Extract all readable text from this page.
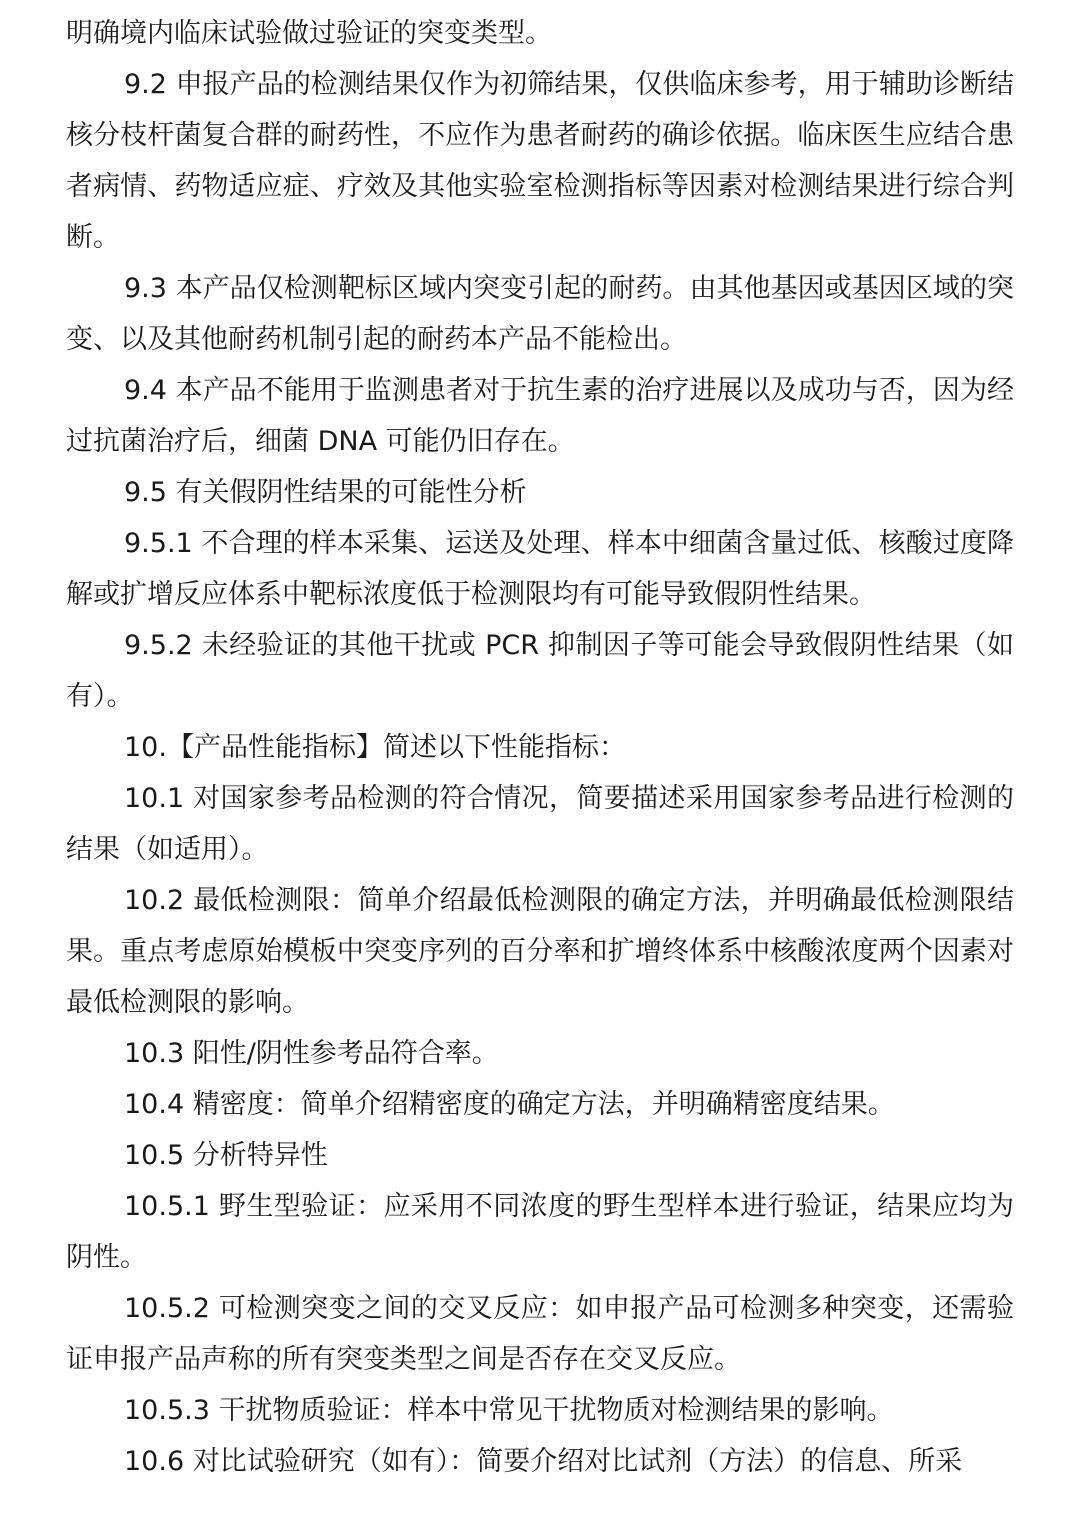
明确境内临床试验做过验证的突变类型。

9.2 申报产品的检测结果仅作为初筛结果，仅供临床参考，用于辅助诊断结核分枝杆菌复合群的耐药性，不应作为患者耐药的确诊依据。临床医生应结合患者病情、药物适应症、疗效及其他实验室检测指标等因素对检测结果进行综合判断。

9.3 本产品仅检测靶标区域内突变引起的耐药。由其他基因或基因区域的突变、以及其他耐药机制引起的耐药本产品不能检出。

9.4 本产品不能用于监测患者对于抗生素的治疗进展以及成功与否，因为经过抗菌治疗后，细菌 DNA 可能仍旧存在。

9.5 有关假阴性结果的可能性分析

9.5.1 不合理的样本采集、运送及处理、样本中细菌含量过低、核酸过度降解或扩增反应体系中靶标浓度低于检测限均有可能导致假阴性结果。

9.5.2 未经验证的其他干扰或 PCR 抑制因子等可能会导致假阴性结果（如有）。

10.【产品性能指标】简述以下性能指标：

10.1 对国家参考品检测的符合情况，简要描述采用国家参考品进行检测的结果（如适用）。

10.2 最低检测限：简单介绍最低检测限的确定方法，并明确最低检测限结果。重点考虑原始模板中突变序列的百分率和扩增终体系中核酸浓度两个因素对最低检测限的影响。

10.3 阳性/阴性参考品符合率。

10.4 精密度：简单介绍精密度的确定方法，并明确精密度结果。

10.5 分析特异性

10.5.1 野生型验证：应采用不同浓度的野生型样本进行验证，结果应均为阴性。

10.5.2 可检测突变之间的交叉反应：如申报产品可检测多种突变，还需验证申报产品声称的所有突变类型之间是否存在交叉反应。

10.5.3 干扰物质验证：样本中常见干扰物质对检测结果的影响。

10.6 对比试验研究（如有）：简要介绍对比试剂（方法）的信息、所采
